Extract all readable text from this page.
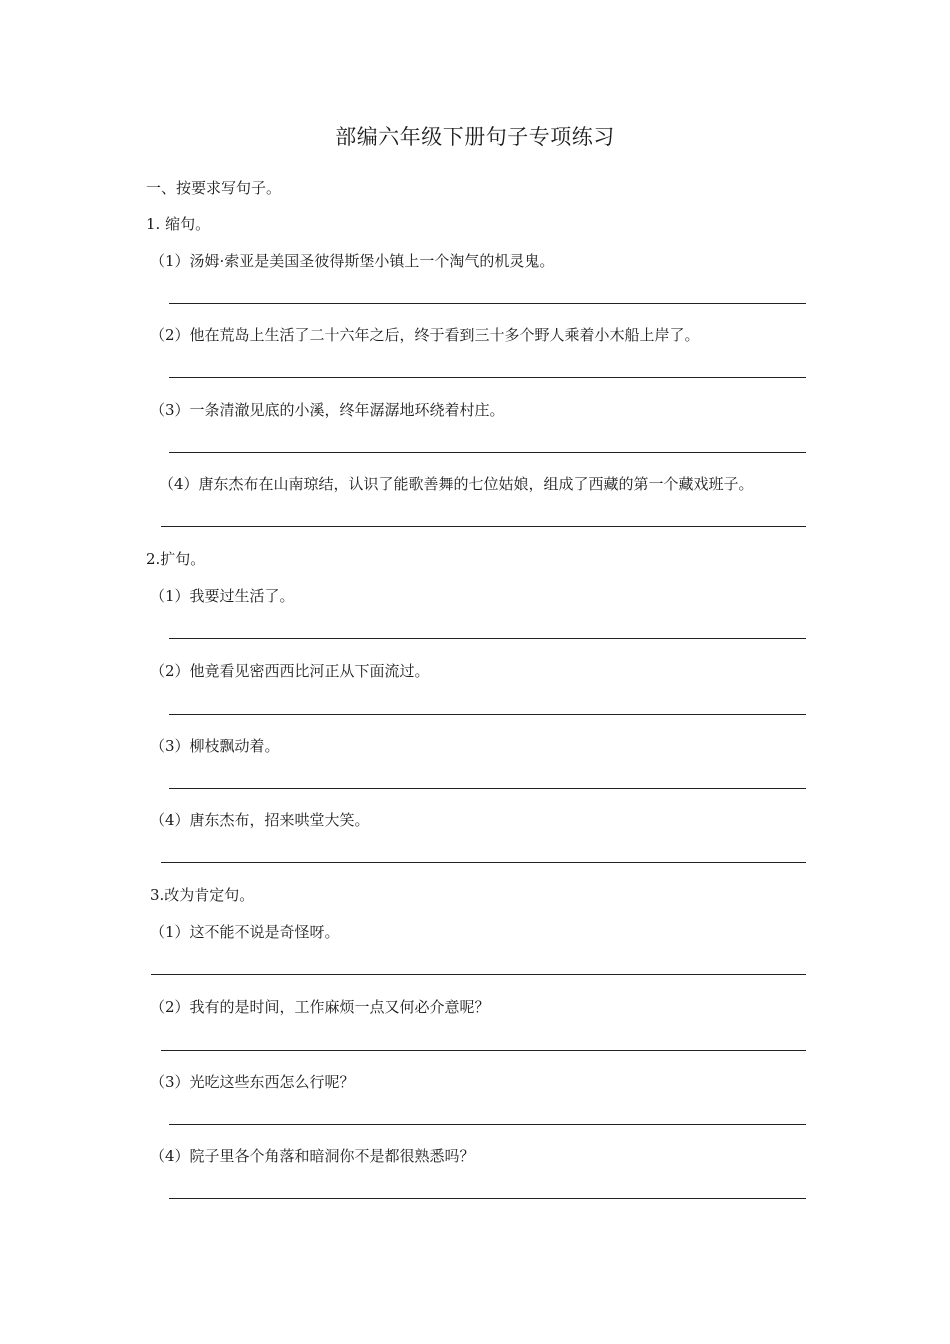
部编六年级下册句子专项练习
一、按要求写句子。
1. 缩句。
（1）汤姆·索亚是美国圣彼得斯堡小镇上一个淘气的机灵鬼。
（2）他在荒岛上生活了二十六年之后，终于看到三十多个野人乘着小木船上岸了。
（3）一条清澈见底的小溪，终年潺潺地环绕着村庄。
（4）唐东杰布在山南琼结，认识了能歌善舞的七位姑娘，组成了西藏的第一个藏戏班子。
2.扩句。
（1）我要过生活了。
（2）他竟看见密西西比河正从下面流过。
（3）柳枝飘动着。
（4）唐东杰布，招来哄堂大笑。
3.改为肯定句。
（1）这不能不说是奇怪呀。
（2）我有的是时间，工作麻烦一点又何必介意呢？
（3）光吃这些东西怎么行呢？
（4）院子里各个角落和暗洞你不是都很熟悉吗？
